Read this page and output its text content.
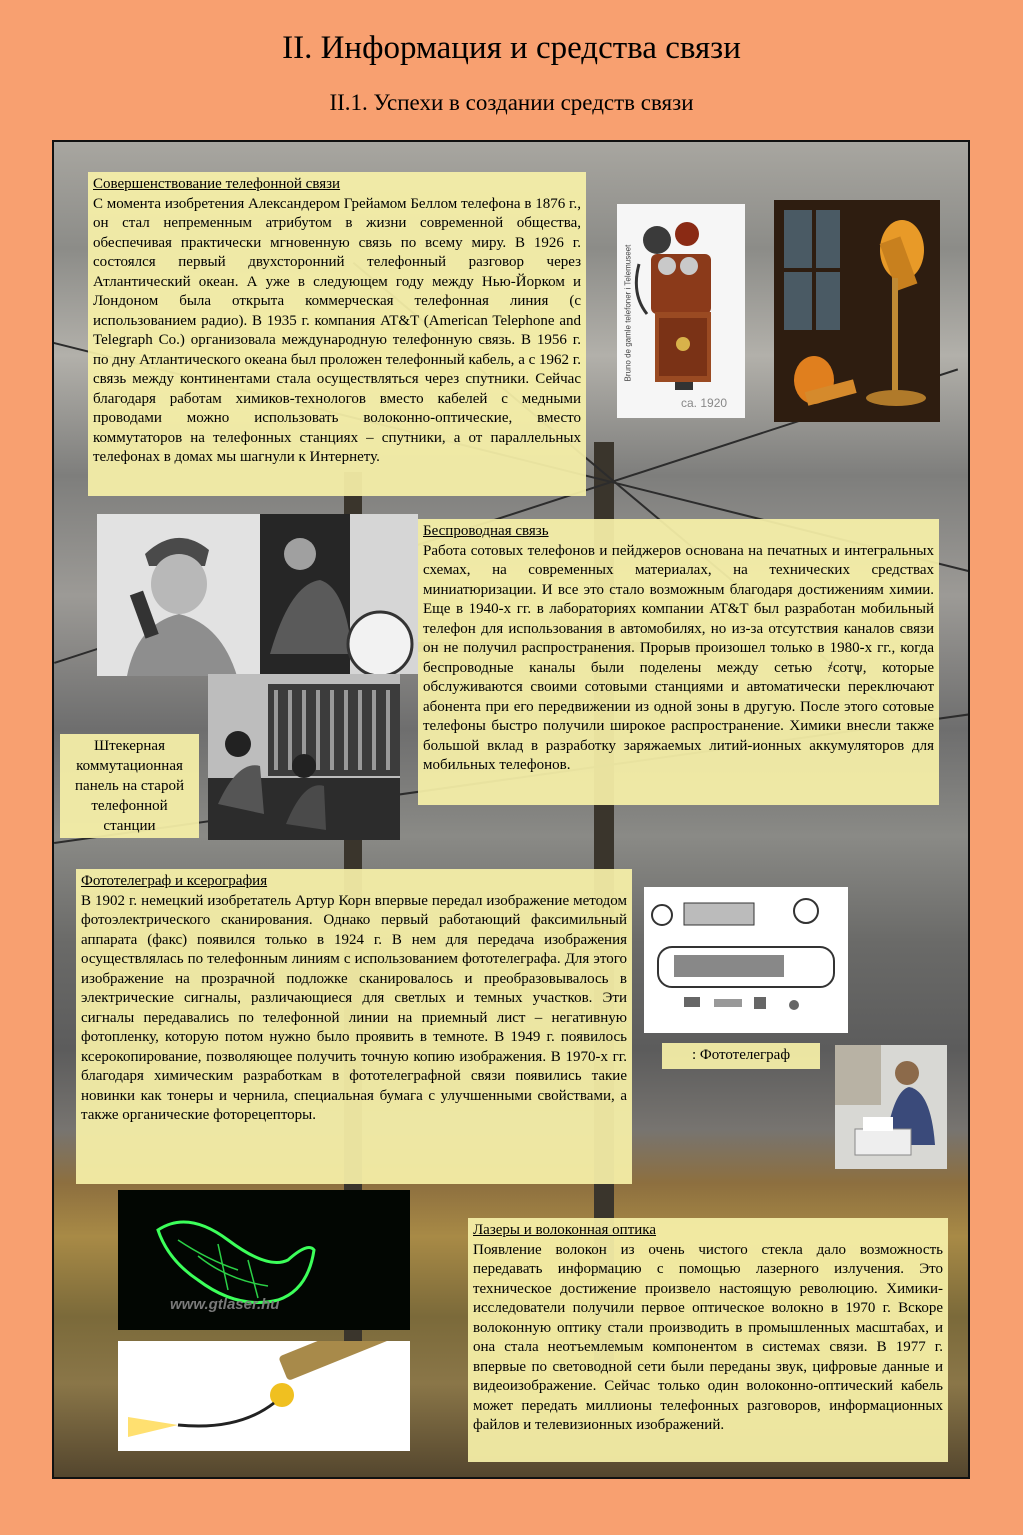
II. Информация и средства связи
II.1. Успехи в создании средств связи
Совершенствование телефонной связи
С момента изобретения Александером Грейамом Беллом телефона в 1876 г., он стал непременным атрибутом в жизни современной общества, обеспечивая практически мгновенную связь по всему миру. В 1926 г. состоялся первый двухсторонний телефонный разговор через Атлантический океан. А уже в следующем году между Нью-Йорком и Лондоном была открыта коммерческая телефонная линия (с использованием радио). В 1935 г. компания AT&T (American Telephone and Telegraph Co.) организовала международную телефонную связь. В 1956 г. по дну Атлантического океана был проложен телефонный кабель, а с 1962 г. связь между континентами стала осуществляться через спутники. Сейчас благодаря работам химиков-технологов вместо кабелей с медными проводами можно использовать волоконно-оптические, вместо коммутаторов на телефонных станциях – спутники, а от параллельных телефонах в домах мы шагнули к Интернету.
Bruno de gamle telefoner i Telemuseet
ca. 1920
Штекерная коммутационная панель на старой телефонной станции
Беспроводная связь
Работа сотовых телефонов и пейджеров основана на печатных и интегральных схемах, на современных материалах, на технических средствах миниатюризации. И все это стало возможным благодаря достижениям химии. Еще в 1940-х гг. в лабораториях компании AT&T был разработан мобильный телефон для использования в автомобилях, но из-за отсутствия каналов связи он не получил распространения. Прорыв произошел только в 1980-х гг., когда беспроводные каналы были поделены между сетью ҂сотѱ, которые обслуживаются своими сотовыми станциями и автоматически переключают абонента при его передвижении из одной зоны в другую. После этого сотовые телефоны быстро получили широкое распространение. Химики внесли также большой вклад в разработку заряжаемых литий-ионных аккумуляторов для мобильных телефонов.
Фототелеграф и ксерография
В 1902 г. немецкий изобретатель Артур Корн впервые передал изображение методом фотоэлектрического сканирования. Однако первый работающий факсимильный аппарата (факс) появился только в 1924 г. В нем для передача изображения осуществлялась по телефонным линиям с использованием фототелеграфа. Для этого изображение на прозрачной подложке сканировалось и преобразовывалось в электрические сигналы, различающиеся для светлых и темных участков. Эти сигналы передавались по телефонной линии на приемный лист – негативную фотопленку, которую потом нужно было проявить в темноте. В 1949 г. появилось ксерокопирование, позволяющее получить точную копию изображения. В 1970-х гг. благодаря химическим разработкам в фототелеграфной связи появились такие новинки как тонеры и чернила, специальная бумага с улучшенными свойствами, а также органические фоторецепторы.
: Фототелеграф
www.gtlaser.hu
Лазеры и волоконная оптика
Появление волокон из очень чистого стекла дало возможность передавать информацию с помощью лазерного излучения. Это техническое достижение произвело настоящую революцию. Химики-исследователи получили первое оптическое волокно в 1970 г. Вскоре волоконную оптику стали производить в промышленных масштабах, и она стала неотъемлемым компонентом в системах связи. В 1977 г. впервые по световодной сети были переданы звук, цифровые данные и видеоизображение. Сейчас только один волоконно-оптический кабель может передать миллионы телефонных разговоров, информационных файлов и телевизионных изображений.
